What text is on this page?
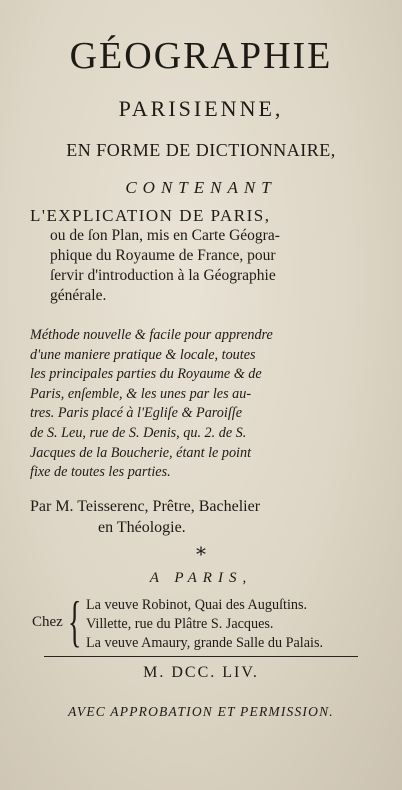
GÉOGRAPHIE
PARISIENNE,
EN FORME DE DICTIONNAIRE,
CONTENANT
L'EXPLICATION DE PARIS,
ou de ſon Plan, mis en Carte Géogra-
phique du Royaume de France, pour
ſervir d'introduction à la Géographie
générale.
Méthode nouvelle & facile pour apprendre
d'une maniere pratique & locale, toutes
les principales parties du Royaume & de
Paris, enſemble, & les unes par les au-
tres. Paris placé à l'Egliſe & Paroiſſe
de S. Leu, rue de S. Denis, qu. 2. de S.
Jacques de la Boucherie, étant le point
fixe de toutes les parties.
Par M. Teisserenc, Prêtre, Bachelier
en Théologie.
⁎
A PARIS,
Chez { La veuve Robinot, Quai des Auguſtins.
Villette, rue du Plâtre S. Jacques.
La veuve Amaury, grande Salle du Palais.
M. DCC. LIV.
AVEC APPROBATION ET PERMISSION.
